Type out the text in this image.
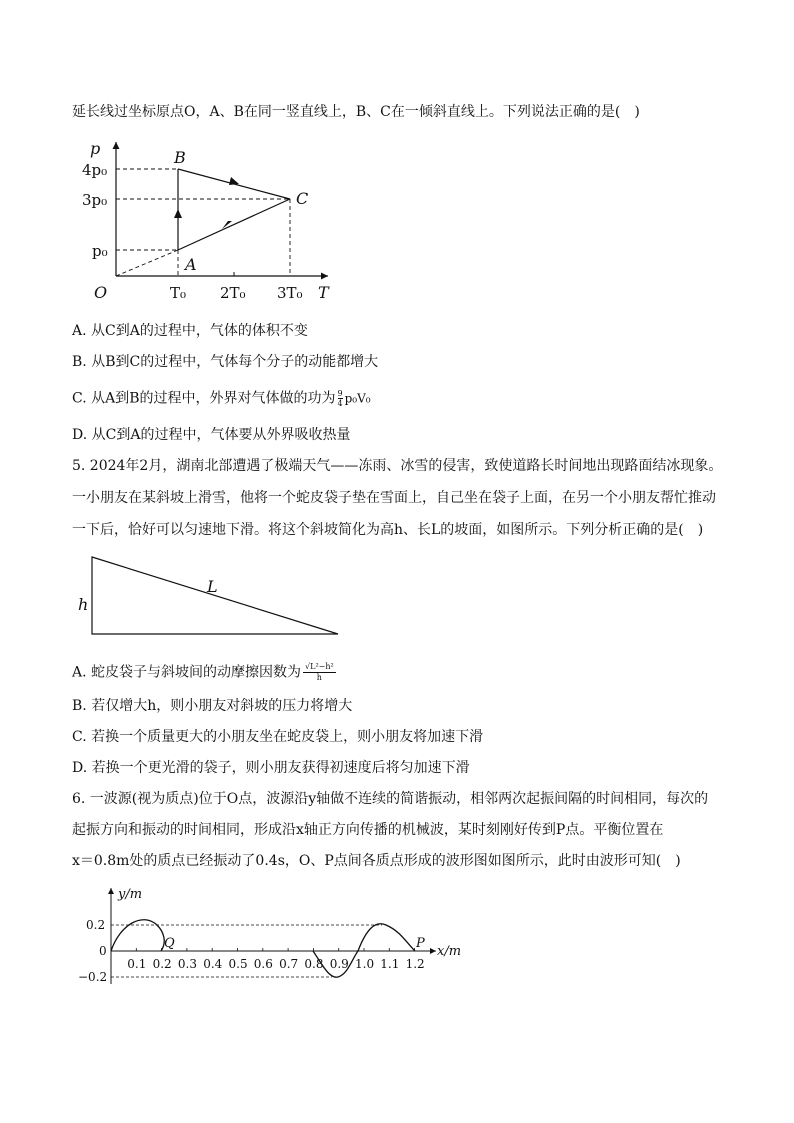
延长线过坐标原点O，A、B在同一竖直线上，B、C在一倾斜直线上。下列说法正确的是(　)
p
T
O
4p₀
3p₀
p₀
T₀ 2T₀ 3T₀
A
B
C
A. 从C到A的过程中，气体的体积不变
B. 从B到C的过程中，气体每个分子的动能都增大
C. 从A到B的过程中，外界对气体做的功为 $\frac{9}{4} p_0V_0$
D. 从C到A的过程中，气体要从外界吸收热量
5. 2024年2月，湖南北部遭遇了极端天气——冻雨、冰雪的侵害，致使道路长时间地出现路面结冰现象。
一小朋友在某斜坡上滑雪，他将一个蛇皮袋子垫在雪面上，自己坐在袋子上面，在另一个小朋友帮忙推动
一下后，恰好可以匀速地下滑。将这个斜坡简化为高h、长L的坡面，如图所示。下列分析正确的是(　)
h
L
A. 蛇皮袋子与斜坡间的动摩擦因数为 $\frac{\text{√L²−h²}}{h}$
B. 若仅增大h，则小朋友对斜坡的压力将增大
C. 若换一个质量更大的小朋友坐在蛇皮袋上，则小朋友将加速下滑
D. 若换一个更光滑的袋子，则小朋友获得初速度后将匀加速下滑
6. 一波源(视为质点)位于O点，波源沿y轴做不连续的简谐振动，相邻两次起振间隔的时间相同，每次的
起振方向和振动的时间相同，形成沿x轴正方向传播的机械波，某时刻刚好传到P点。平衡位置在
x＝0.8m处的质点已经振动了0.4s，O、P点间各质点形成的波形图如图所示，此时由波形可知(　)
y/m
x/m
0.2
0
−0.2
Q	P
0.1 0.2 0.3 0.4 0.5 0.6 0.7 0.8 0.9 1.0 1.1 1.2
